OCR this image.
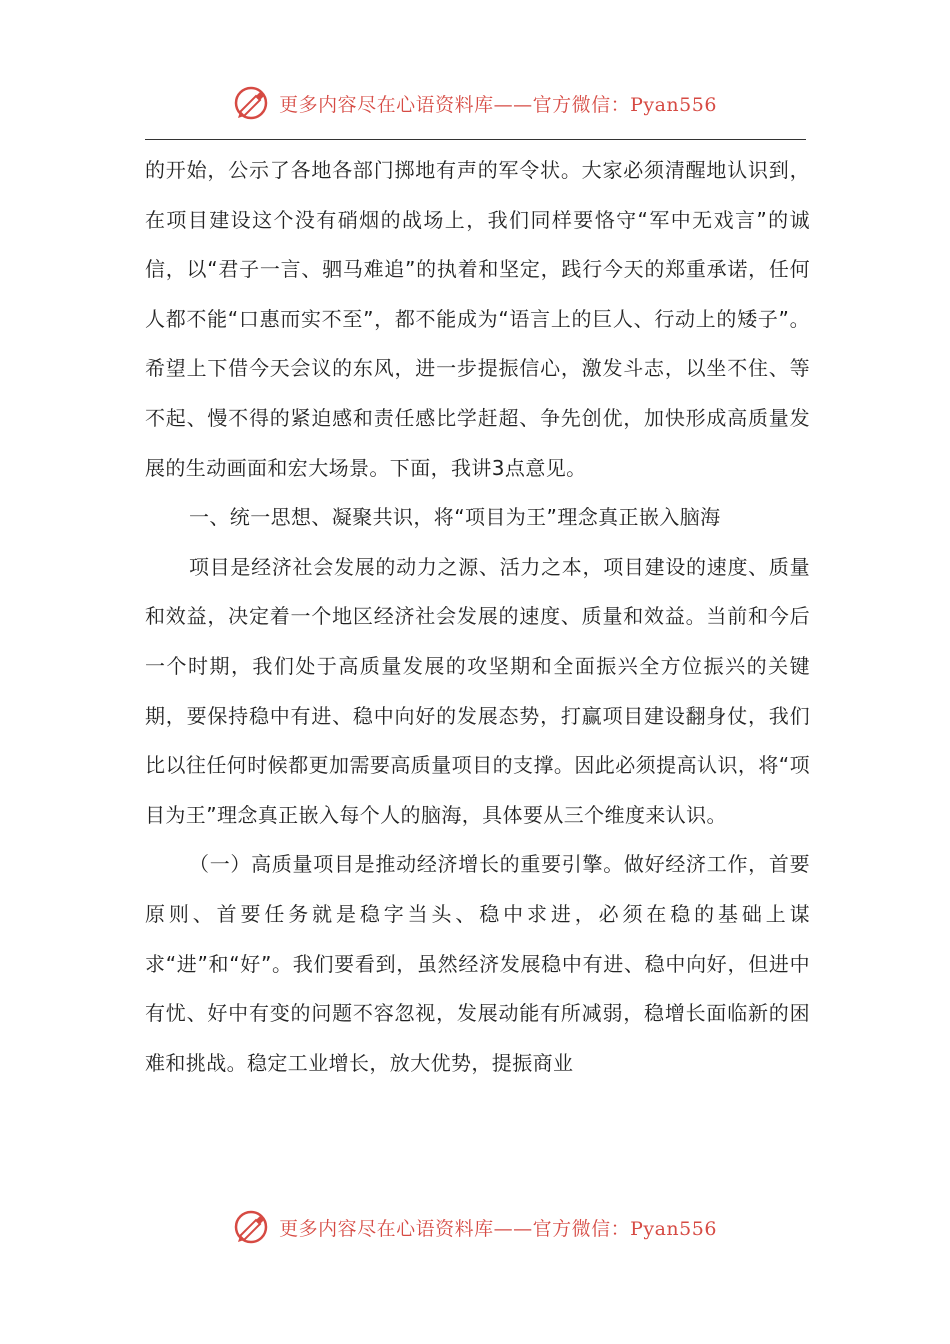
更多内容尽在心语资料库——官方微信：Pyan556

的开始，公示了各地各部门掷地有声的军令状。大家必须清醒地认识到，在项目建设这个没有硝烟的战场上，我们同样要恪守“军中无戏言”的诚信，以“君子一言、驷马难追”的执着和坚定，践行今天的郑重承诺，任何人都不能“口惠而实不至”，都不能成为“语言上的巨人、行动上的矮子”。希望上下借今天会议的东风，进一步提振信心，激发斗志，以坐不住、等不起、慢不得的紧迫感和责任感比学赶超、争先创优，加快形成高质量发展的生动画面和宏大场景。下面，我讲3点意见。

一、统一思想、凝聚共识，将“项目为王”理念真正嵌入脑海

项目是经济社会发展的动力之源、活力之本，项目建设的速度、质量和效益，决定着一个地区经济社会发展的速度、质量和效益。当前和今后一个时期，我们处于高质量发展的攻坚期和全面振兴全方位振兴的关键期，要保持稳中有进、稳中向好的发展态势，打赢项目建设翻身仗，我们比以往任何时候都更加需要高质量项目的支撑。因此必须提高认识，将“项目为王”理念真正嵌入每个人的脑海，具体要从三个维度来认识。

（一）高质量项目是推动经济增长的重要引擎。做好经济工作，首要原则、首要任务就是稳字当头、稳中求进，必须在稳的基础上谋求“进”和“好”。我们要看到，虽然经济发展稳中有进、稳中向好，但进中有忧、好中有变的问题不容忽视，发展动能有所减弱，稳增长面临新的困难和挑战。稳定工业增长，放大优势，提振商业

更多内容尽在心语资料库——官方微信：Pyan556
